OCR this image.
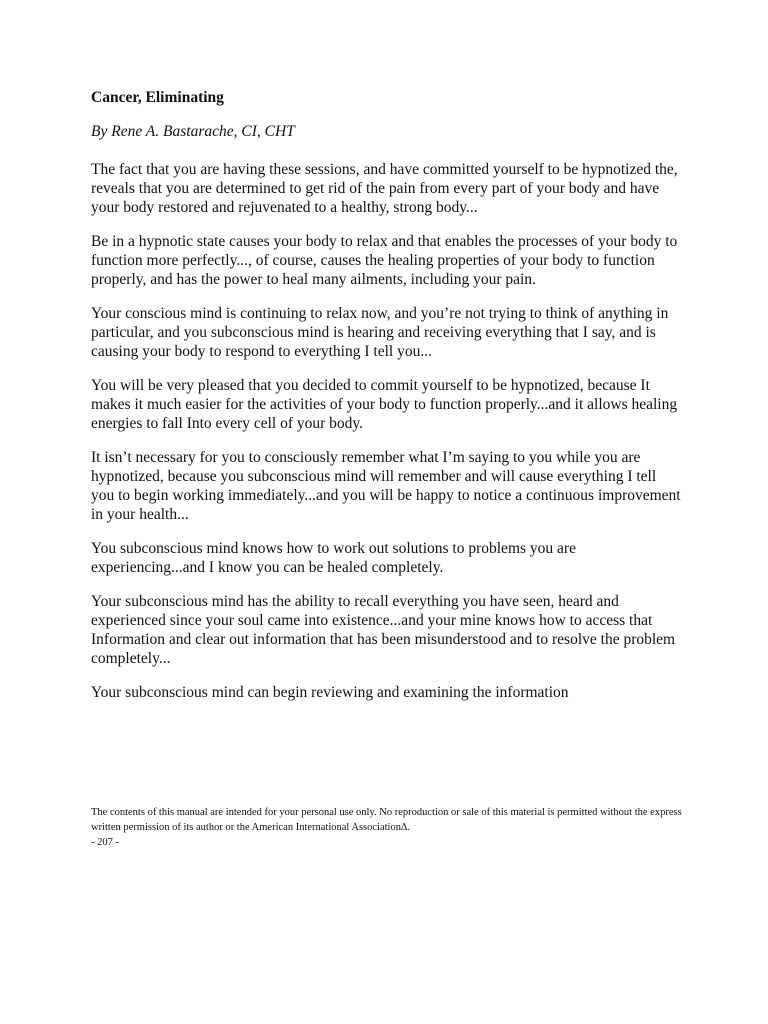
Cancer, Eliminating

By Rene A. Bastarache, CI, CHT

The fact that you are having these sessions, and have committed yourself to be hypnotized the, reveals that you are determined to get rid of the pain from every part of your body and have your body restored and rejuvenated to a healthy, strong body...

Be in a hypnotic state causes your body to relax and that enables the processes of your body to function more perfectly..., of course, causes the healing properties of your body to function properly, and has the power to heal many ailments, including your pain.

Your conscious mind is continuing to relax now, and you’re not trying to think of anything in particular, and you subconscious mind is hearing and receiving everything that I say, and is causing your body to respond to everything I tell you...

You will be very pleased that you decided to commit yourself to be hypnotized, because It makes it much easier for the activities of your body to function properly...and it allows healing energies to fall Into every cell of your body.

It isn’t necessary for you to consciously remember what I’m saying to you while you are hypnotized, because you subconscious mind will remember and will cause everything I tell you to begin working immediately...and you will be happy to notice a continuous improvement in your health...

You subconscious mind knows how to work out solutions to problems you are experiencing...and I know you can be healed completely.

Your subconscious mind has the ability to recall everything you have seen, heard and experienced since your soul came into existence...and your mine knows how to access that Information and clear out information that has been misunderstood and to resolve the problem completely...

Your subconscious mind can begin reviewing and examining the information

The contents of this manual are intended for your personal use only. No reproduction or sale of this material is permitted without the express written permission of its author or the American International Association∆.

- 207 -
